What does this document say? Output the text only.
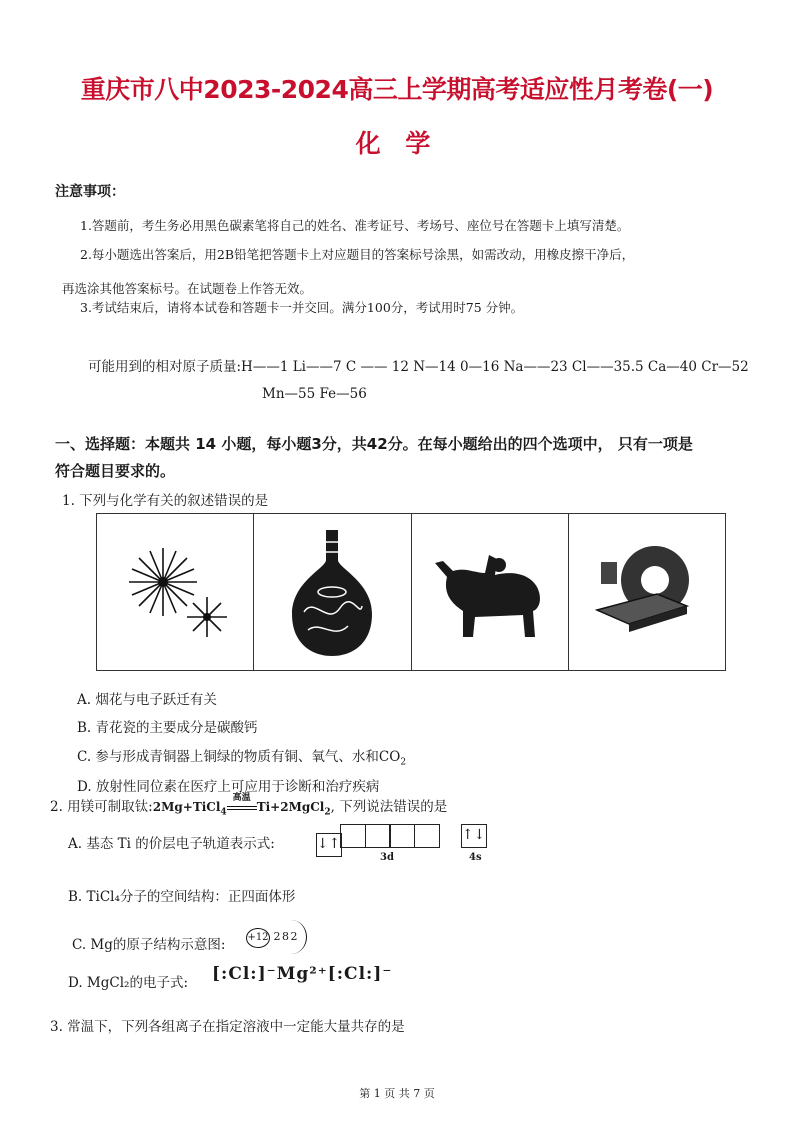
重庆市八中2023-2024高三上学期高考适应性月考卷(一)
化 学
注意事项：
1.答题前，考生务必用黑色碳素笔将自己的姓名、准考证号、考场号、座位号在答题卡上填写清楚。
2.每小题选出答案后，用2B铅笔把答题卡上对应题目的答案标号涂黑，如需改动，用橡皮擦干净后，
再选涂其他答案标号。在试题卷上作答无效。
3.考试结束后，请将本试卷和答题卡一并交回。满分100分，考试用时75 分钟。
可能用到的相对原子质量:H——1 Li——7 C —— 12 N—14 0—16 Na——23 Cl——35.5 Ca—40 Cr—52
Mn—55 Fe—56
一、选择题：本题共 14 小题，每小题3分，共42分。在每小题给出的四个选项中， 只有一项是
符合题目要求的。
1. 下列与化学有关的叙述错误的是
A. 烟花与电子跃迁有关
B. 青花瓷的主要成分是碳酸钙
C. 参与形成青铜器上铜绿的物质有铜、氧气、水和$CO_2$
D. 放射性同位素在医疗上可应用于诊断和治疗疾病
2. 用镁可制取钛:2Mg+TiCl$_4$
高温
Ti+2MgCl$_2$, 下列说法错误的是
A. 基态 Ti 的价层电子轨道表示式:	↓↑
↑↓
3d	4s
B. TiCl₄分子的空间结构：正四面体形
C. Mg的原子结构示意图: +12 2 8 2
D. MgCl₂的电子式: [:Cl:]⁻Mg²⁺[:Cl:]⁻
3. 常温下，下列各组离子在指定溶液中一定能大量共存的是
第 1 页 共 7 页
